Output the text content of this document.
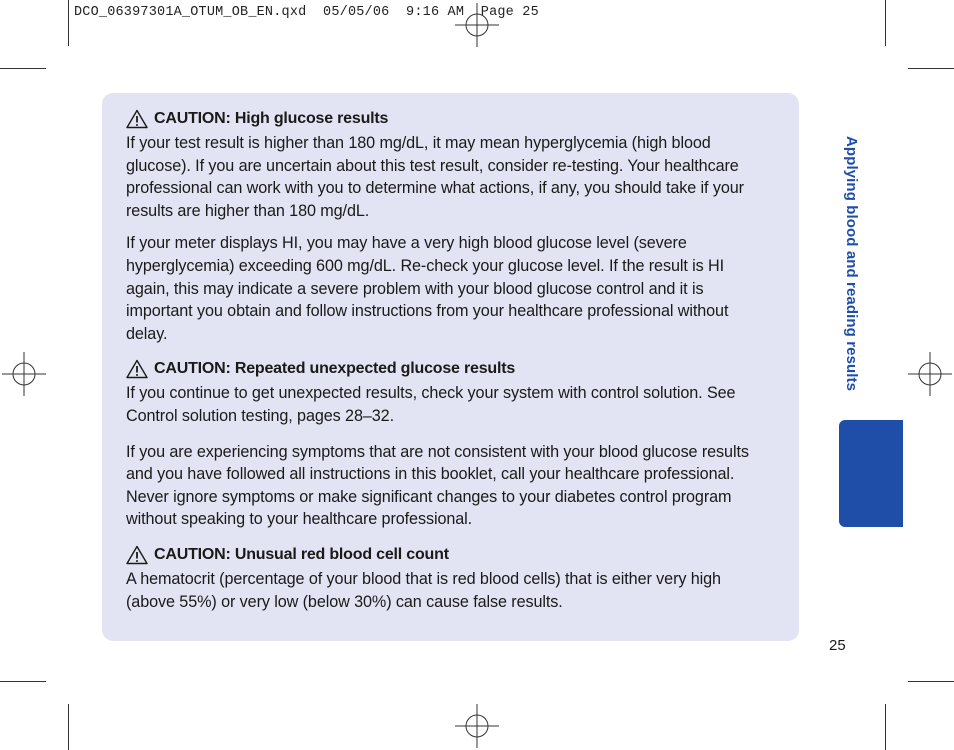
DCO_06397301A_OTUM_OB_EN.qxd  05/05/06  9:16 AM  Page 25
CAUTION: High glucose results

If your test result is higher than 180 mg/dL, it may mean hyperglycemia (high blood glucose). If you are uncertain about this test result, consider re-testing. Your healthcare professional can work with you to determine what actions, if any, you should take if your results are higher than 180 mg/dL.

If your meter displays HI, you may have a very high blood glucose level (severe hyperglycemia) exceeding 600 mg/dL. Re-check your glucose level. If the result is HI again, this may indicate a severe problem with your blood glucose control and it is important you obtain and follow instructions from your healthcare professional without delay.

CAUTION: Repeated unexpected glucose results

If you continue to get unexpected results, check your system with control solution. See Control solution testing, pages 28–32.

If you are experiencing symptoms that are not consistent with your blood glucose results and you have followed all instructions in this booklet, call your healthcare professional. Never ignore symptoms or make significant changes to your diabetes control program without speaking to your healthcare professional.

CAUTION: Unusual red blood cell count

A hematocrit (percentage of your blood that is red blood cells) that is either very high (above 55%) or very low (below 30%) can cause false results.

Applying blood and reading results
25
